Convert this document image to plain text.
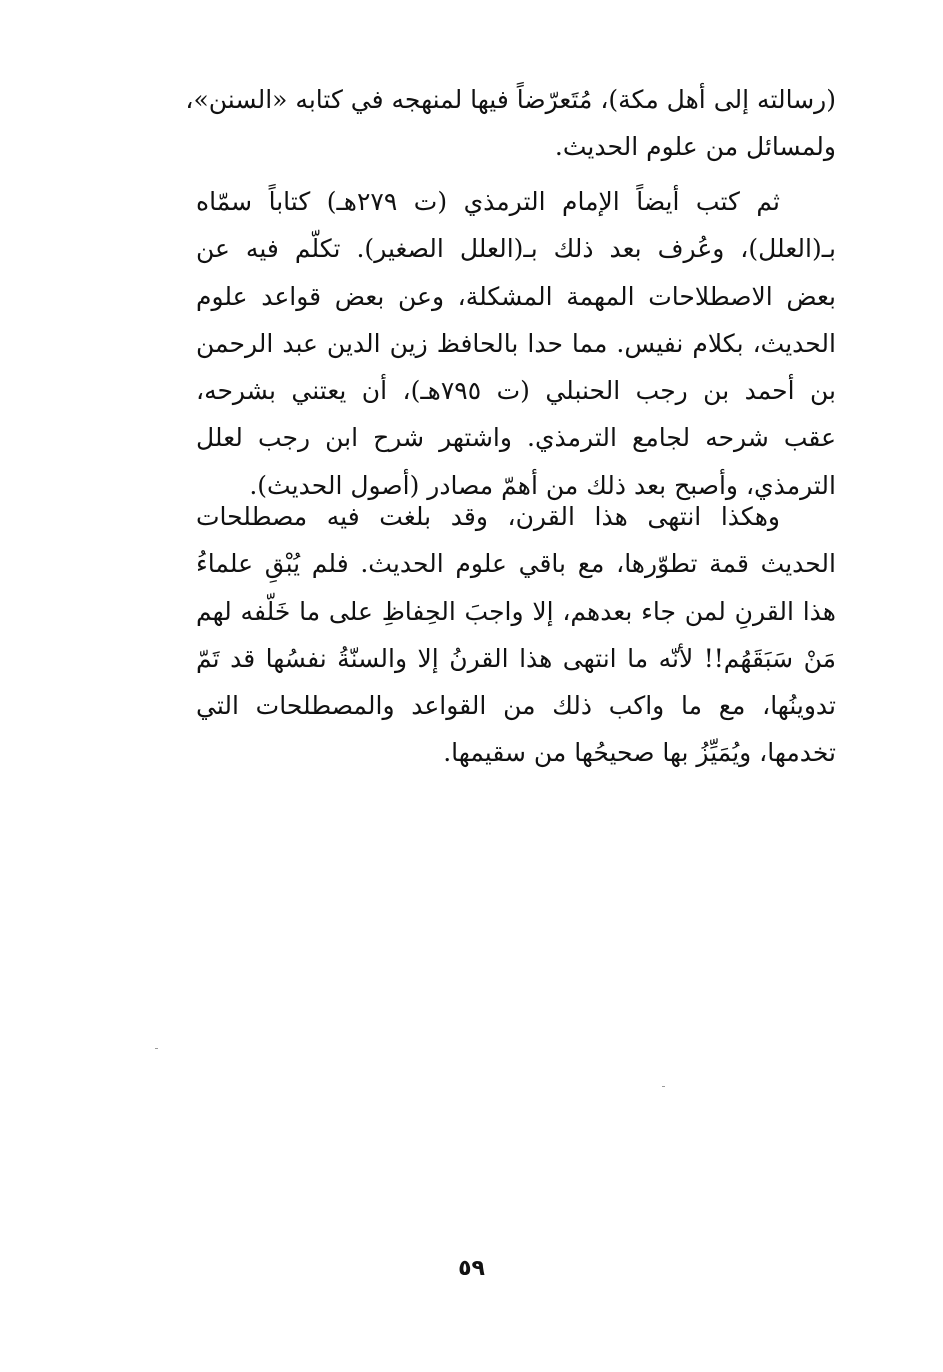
(رسالته إلى أهل مكة)، مُتَعرّضاً فيها لمنهجه في كتابه «السنن»،
ولمسائل من علوم الحديث.
ثم كتب أيضاً الإمام الترمذي (ت ٢٧٩هـ) كتاباً سمّاه
بـ(العلل)، وعُرف بعد ذلك بـ(العلل الصغير). تكلّم فيه عن
بعض الاصطلاحات المهمة المشكلة، وعن بعض قواعد علوم
الحديث، بكلام نفيس. مما حدا بالحافظ زين الدين عبد الرحمن
بن أحمد بن رجب الحنبلي (ت ٧٩٥هـ)، أن يعتني بشرحه،
عقب شرحه لجامع الترمذي. واشتهر شرح ابن رجب لعلل
الترمذي، وأصبح بعد ذلك من أهمّ مصادر (أصول الحديث).
وهكذا انتهى هذا القرن، وقد بلغت فيه مصطلحات
الحديث قمة تطوّرها، مع باقي علوم الحديث. فلم يُبْقِ علماءُ
هذا القرنِ لمن جاء بعدهم، إلا واجبَ الحِفاظِ على ما خَلّفه لهم
مَنْ سَبَقَهُم!! لأنّه ما انتهى هذا القرنُ إلا والسنّةُ نفسُها قد تَمّ
تدوينُها، مع ما واكب ذلك من القواعد والمصطلحات التي
تخدمها، ويُمَيِّزُ بها صحيحُها من سقيمها.
٥٩
